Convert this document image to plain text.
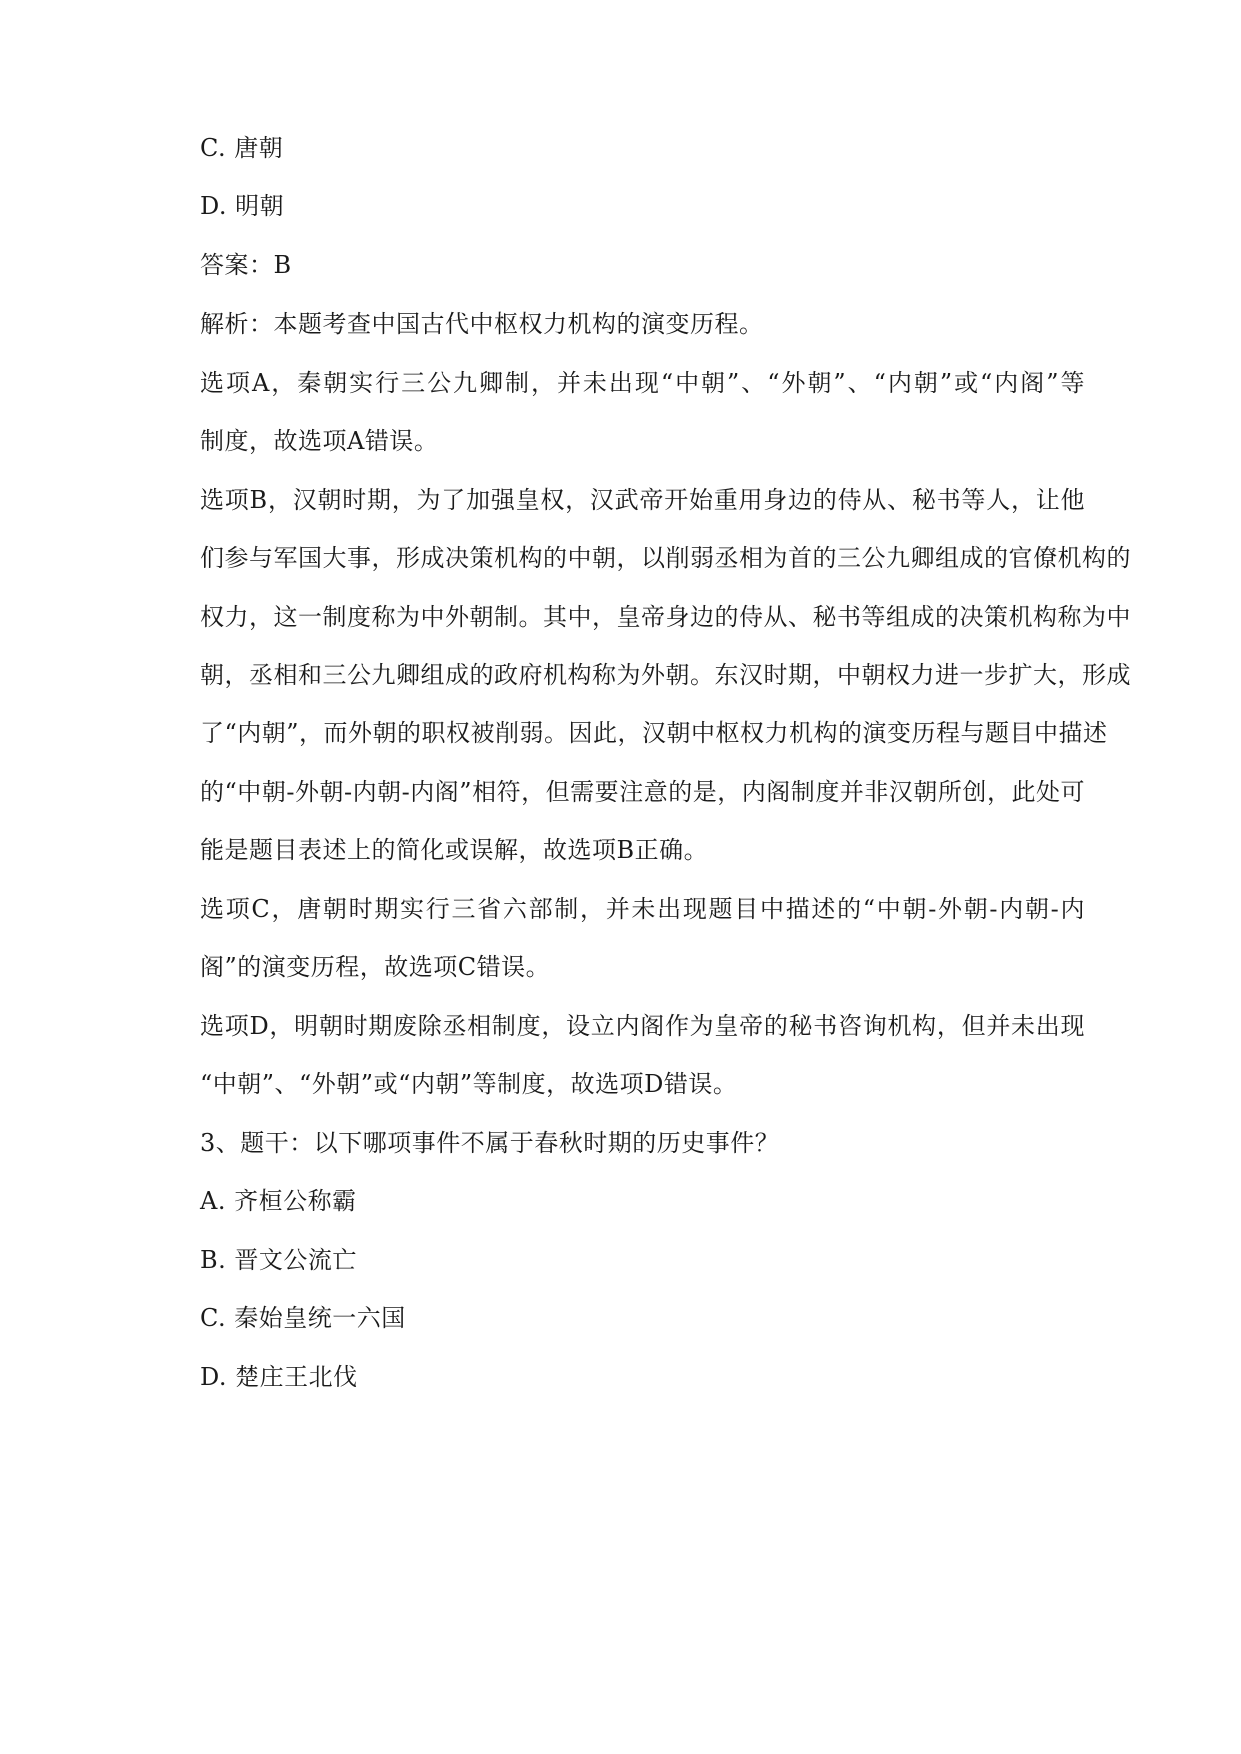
C. 唐朝

D. 明朝

答案：B

解析：本题考查中国古代中枢权力机构的演变历程。

选项A，秦朝实行三公九卿制，并未出现“中朝”、“外朝”、“内朝”或“内阁”等

制度，故选项A错误。

选项B，汉朝时期，为了加强皇权，汉武帝开始重用身边的侍从、秘书等人，让他

们参与军国大事，形成决策机构的中朝，以削弱丞相为首的三公九卿组成的官僚机构的

权力，这一制度称为中外朝制。其中，皇帝身边的侍从、秘书等组成的决策机构称为中

朝，丞相和三公九卿组成的政府机构称为外朝。东汉时期，中朝权力进一步扩大，形成

了“内朝”，而外朝的职权被削弱。因此，汉朝中枢权力机构的演变历程与题目中描述

的“中朝-外朝-内朝-内阁”相符，但需要注意的是，内阁制度并非汉朝所创，此处可

能是题目表述上的简化或误解，故选项B正确。

选项C，唐朝时期实行三省六部制，并未出现题目中描述的“中朝-外朝-内朝-内

阁”的演变历程，故选项C错误。

选项D，明朝时期废除丞相制度，设立内阁作为皇帝的秘书咨询机构，但并未出现

“中朝”、“外朝”或“内朝”等制度，故选项D错误。

3、题干：以下哪项事件不属于春秋时期的历史事件？

A. 齐桓公称霸

B. 晋文公流亡

C. 秦始皇统一六国

D. 楚庄王北伐
